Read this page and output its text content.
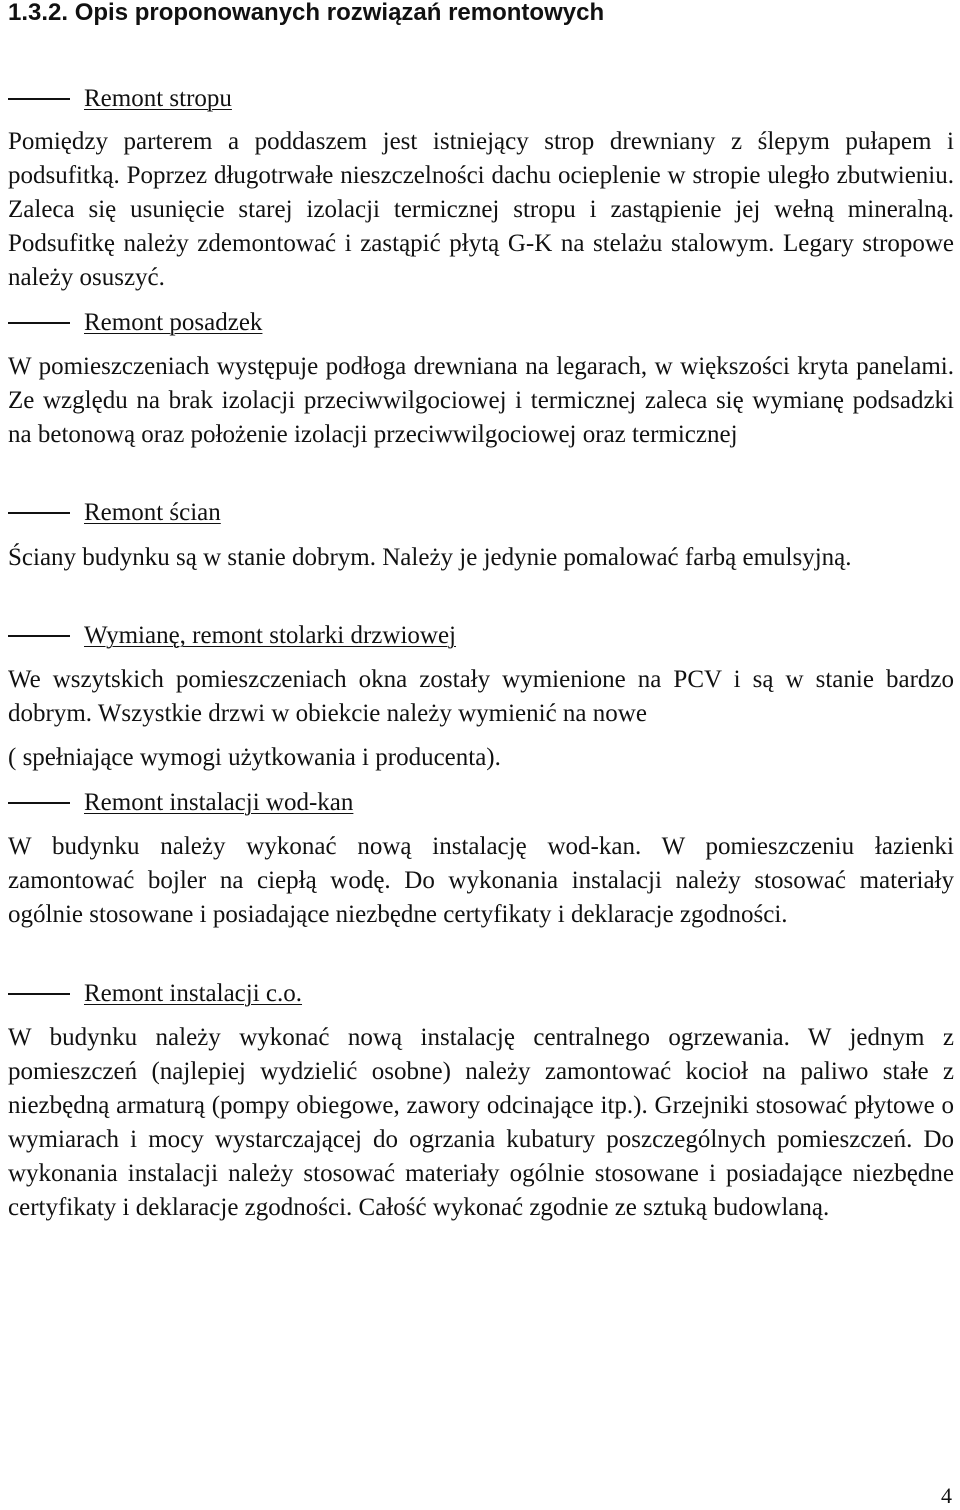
1.3.2. Opis proponowanych rozwiązań remontowych
Remont stropu
Pomiędzy parterem a poddaszem jest istniejący strop drewniany z ślepym pułapem i podsufitką. Poprzez długotrwałe nieszczelności dachu ocieplenie w stropie uległo zbutwieniu. Zaleca się usunięcie starej izolacji termicznej stropu i zastąpienie jej wełną mineralną. Podsufitkę należy zdemontować i zastąpić płytą G-K na stelażu stalowym. Legary stropowe należy osuszyć.
Remont posadzek
W pomieszczeniach występuje podłoga drewniana na legarach, w większości kryta panelami. Ze względu na brak izolacji przeciwwilgociowej i termicznej zaleca się wymianę podsadzki na betonową oraz położenie izolacji przeciwwilgociowej oraz termicznej
Remont ścian
Ściany budynku są w stanie dobrym. Należy je jedynie pomalować farbą emulsyjną.
Wymianę, remont stolarki drzwiowej
We wszytskich pomieszczeniach okna zostały wymienione na PCV i są w stanie bardzo dobrym. Wszystkie drzwi w obiekcie należy wymienić na nowe
( spełniające wymogi użytkowania i producenta).
Remont instalacji wod-kan
W budynku należy wykonać nową instalację wod-kan. W pomieszczeniu łazienki zamontować bojler na ciepłą wodę. Do wykonania instalacji należy stosować materiały ogólnie stosowane i posiadające niezbędne certyfikaty i deklaracje zgodności.
Remont instalacji c.o.
W budynku należy wykonać nową instalację centralnego ogrzewania. W jednym z pomieszczeń (najlepiej wydzielić osobne) należy zamontować kocioł na paliwo stałe z niezbędną armaturą (pompy obiegowe, zawory odcinające itp.). Grzejniki stosować płytowe o wymiarach i mocy wystarczającej do ogrzania kubatury poszczególnych pomieszczeń. Do wykonania instalacji należy stosować materiały ogólnie stosowane i posiadające niezbędne certyfikaty i deklaracje zgodności. Całość wykonać zgodnie ze sztuką budowlaną.
4
